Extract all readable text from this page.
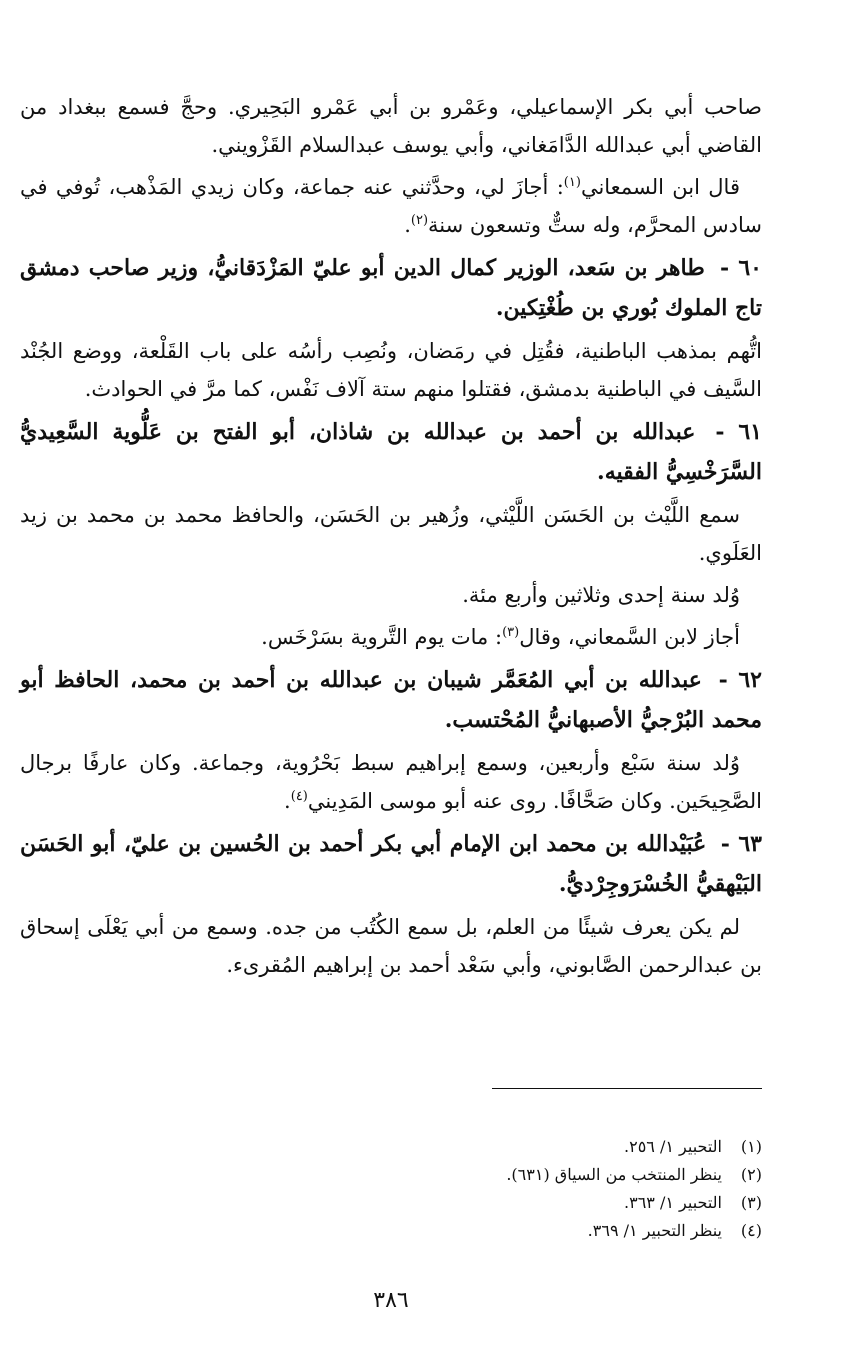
صاحب أبي بكر الإسماعيلي، وعَمْرو بن أبي عَمْرو البَحِيري. وحجَّ فسمع ببغداد من القاضي أبي عبدالله الدَّامَغاني، وأبي يوسف عبدالسلام القَزْويني.

قال ابن السمعاني$^{(١)}$: أجازَ لي، وحدَّثني عنه جماعة، وكان زيدي المَذْهب، تُوفي في سادس المحرَّم، وله ستٌّ وتسعون سنة$^{(٢)}$.

٦٠ - طاهر بن سَعد، الوزير كمال الدين أبو عليّ المَزْدَقانيُّ، وزير صاحب دمشق تاج الملوك بُوري بن طُغْتِكين.

اتُّهم بمذهب الباطنية، فقُتِل في رمَضان، ونُصِب رأسُه على باب القَلْعة، ووضع الجُنْد السَّيف في الباطنية بدمشق، فقتلوا منهم ستة آلاف نَفْس، كما مرَّ في الحوادث.

٦١ - عبدالله بن أحمد بن عبدالله بن شاذان، أبو الفتح بن عَلُّوية السَّعِيديُّ السَّرَخْسِيُّ الفقيه.

سمع اللَّيْث بن الحَسَن اللَّيْثي، وزُهير بن الحَسَن، والحافظ محمد بن محمد بن زيد العَلَوي.

وُلد سنة إحدى وثلاثين وأربع مئة.

أجاز لابن السَّمعاني، وقال$^{(٣)}$: مات يوم التَّروية بسَرْخَس.

٦٢ - عبدالله بن أبي المُعَمَّر شيبان بن عبدالله بن أحمد بن محمد، الحافظ أبو محمد البُرْجيُّ الأصبهانيُّ المُحْتسب.

وُلد سنة سَبْع وأربعين، وسمع إبراهيم سبط بَحْرُوية، وجماعة. وكان عارفًا برجال الصَّحِيحَين. وكان صَحَّافًا. روى عنه أبو موسى المَدِيني$^{(٤)}$.

٦٣ - عُبَيْدالله بن محمد ابن الإمام أبي بكر أحمد بن الحُسين بن عليّ، أبو الحَسَن البَيْهقيُّ الخُسْرَوجِرْديُّ.

لم يكن يعرف شيئًا من العلم، بل سمع الكُتُب من جده. وسمع من أبي يَعْلَى إسحاق بن عبدالرحمن الصَّابوني، وأبي سَعْد أحمد بن إبراهيم المُقرىء.

(١)التحبير ١/ ٢٥٦.
(٢)ينظر المنتخب من السياق (٦٣١).
(٣)التحبير ١/ ٣٦٣.
(٤)ينظر التحبير ١/ ٣٦٩.
٣٨٦
